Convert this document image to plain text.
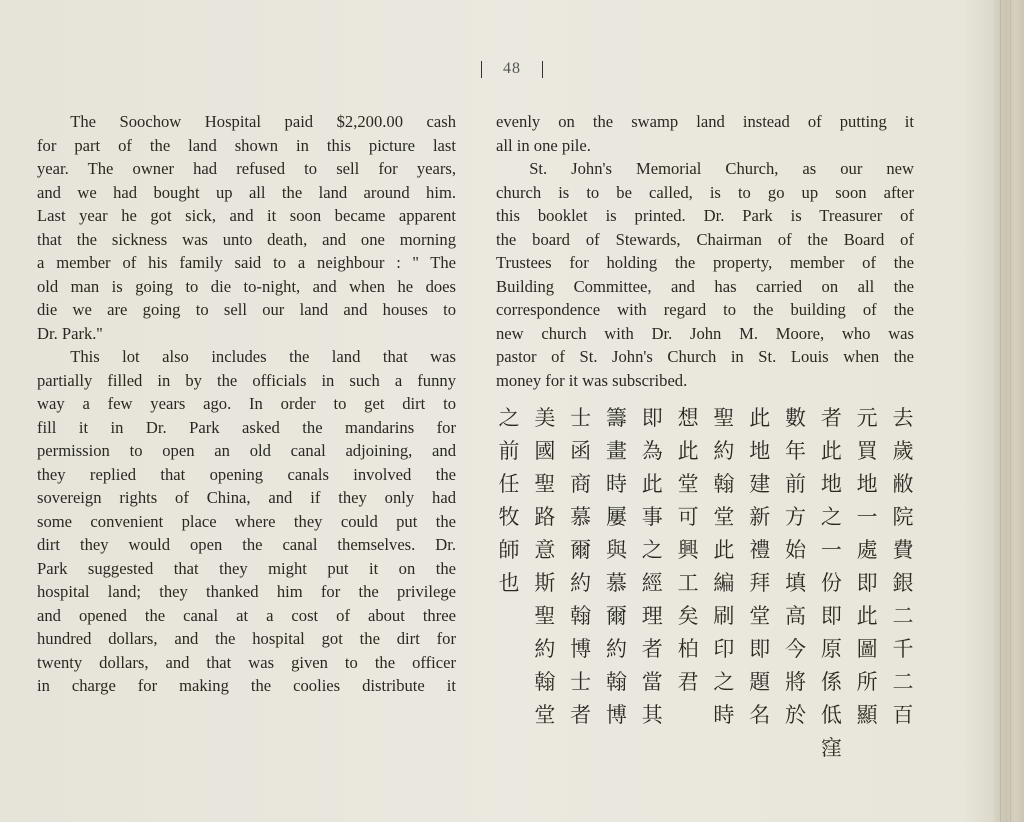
48

The Soochow Hospital paid $2,200.00 cash

for part of the land shown in this picture last

year. The owner had refused to sell for years,

and we had bought up all the land around him.

Last year he got sick, and it soon became apparent

that the sickness was unto death, and one morning

a member of his family said to a neighbour : '' The

old man is going to die to-night, and when he does

die we are going to sell our land and houses to

Dr. Park.''

This lot also includes the land that was

partially filled in by the officials in such a funny

way a few years ago. In order to get dirt to

fill it in Dr. Park asked the mandarins for

permission to open an old canal adjoining, and

they replied that opening canals involved the

sovereign rights of China, and if they only had

some convenient place where they could put the

dirt they would open the canal themselves. Dr.

Park suggested that they might put it on the

hospital land; they thanked him for the privilege

and opened the canal at a cost of about three

hundred dollars, and the hospital got the dirt for

twenty dollars, and that was given to the officer

in charge for making the coolies distribute it

evenly on the swamp land instead of putting it

all in one pile.

St. John's Memorial Church, as our new

church is to be called, is to go up soon after

this booklet is printed. Dr. Park is Treasurer of

the board of Stewards, Chairman of the Board of

Trustees for holding the property, member of the

Building Committee, and has carried on all the

correspondence with regard to the building of the

new church with Dr. John M. Moore, who was

pastor of St. John's Church in St. Louis when the

money for it was subscribed.

去
歲
敝
院
費
銀
二
千
二
百
元
買
地
一
處
即
此
圖
所
顯
者
此
地
之
一
份
即
原
係
低
窪
數
年
前
方
始
填
高
今
將
於
此
地
建
新
禮
拜
堂
即
題
名
聖
約
翰
堂
此
編
刷
印
之
時
想
此
堂
可
興
工
矣
柏
君
即
為
此
事
之
經
理
者
當
其
籌
畫
時
屢
與
慕
爾
約
翰
博
士
函
商
慕
爾
約
翰
博
士
者
美
國
聖
路
意
斯
聖
約
翰
堂
之
前
任
牧
師
也
